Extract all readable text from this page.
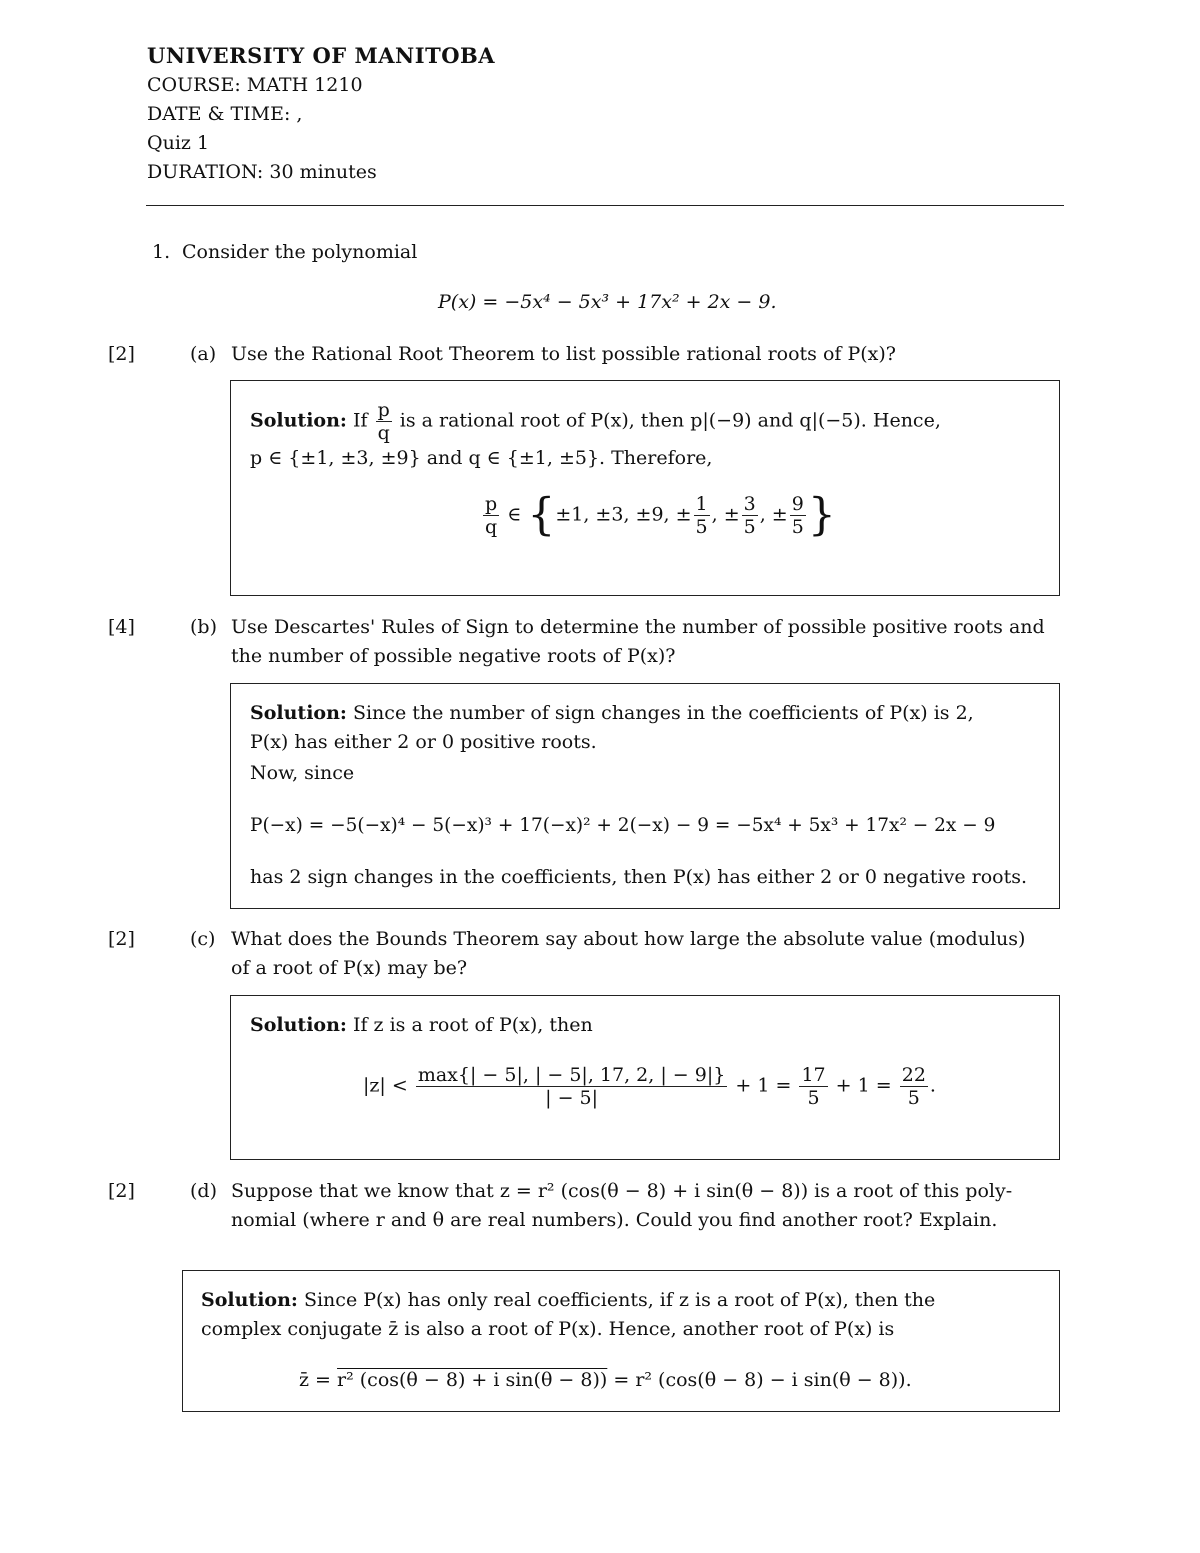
UNIVERSITY OF MANITOBA
COURSE: MATH 1210
DATE & TIME: ,
Quiz 1
DURATION: 30 minutes
1. Consider the polynomial
P(x) = −5x⁴ − 5x³ + 17x² + 2x − 9.
[2]	(a) Use the Rational Root Theorem to list possible rational roots of P(x)?
Solution: If $\frac{p}{q}$ is a rational root of P(x), then p|(−9) and q|(−5). Hence,
p ∈ {±1, ±3, ±9} and q ∈ {±1, ±5}. Therefore,
$\frac{p}{q}$ ∈ {±1, ±3, ±9, ± $\frac{1}{5}$ , ± $\frac{3}{5}$ , ± $\frac{9}{5}$ }
[4]	(b) Use Descartes' Rules of Sign to determine the number of possible positive roots and
the number of possible negative roots of P(x)?
Solution: Since the number of sign changes in the coefficients of P(x) is 2,
P(x) has either 2 or 0 positive roots.
Now, since
P(−x) = −5(−x)⁴ − 5(−x)³ + 17(−x)² + 2(−x) − 9 = −5x⁴ + 5x³ + 17x² − 2x − 9
has 2 sign changes in the coefficients, then P(x) has either 2 or 0 negative roots.
[2]	(c) What does the Bounds Theorem say about how large the absolute value (modulus)
of a root of P(x) may be?
Solution: If z is a root of P(x), then
$|z| < \frac{\max\{| - 5|, | - 5|, 17, 2, | - 9|\}}{| - 5|} + 1 = \frac{17}{5} + 1 = \frac{22}{5}$ .
[2]	(d) Suppose that we know that z = r² (cos(θ − 8) + i sin(θ − 8)) is a root of this poly-
nomial (where r and θ are real numbers). Could you find another root? Explain.
Solution: Since P(x) has only real coefficients, if z is a root of P(x), then the
complex conjugate z̄ is also a root of P(x). Hence, another root of P(x) is
z̄ = r² (cos(θ − 8) + i sin(θ − 8)) = r² (cos(θ − 8) − i sin(θ − 8)).
